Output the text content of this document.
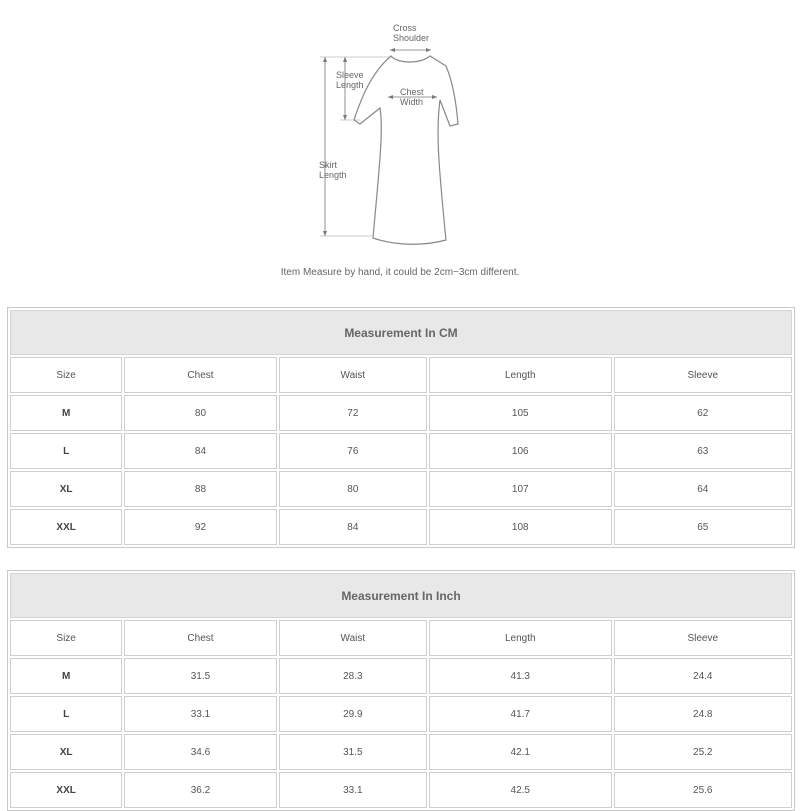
Cross
Shoulder
Sleeve
Length
Chest
Width
Skirt
Length
Item Measure by hand, it could be 2cm~3cm different.
Measurement In CM				
Size	Chest	Waist	Length	Sleeve
M	80	72	105	62
L	84	76	106	63
XL	88	80	107	64
XXL	92	84	108	65
Measurement In Inch				
Size	Chest	Waist	Length	Sleeve
M	31.5	28.3	41.3	24.4
L	33.1	29.9	41.7	24.8
XL	34.6	31.5	42.1	25.2
XXL	36.2	33.1	42.5	25.6
